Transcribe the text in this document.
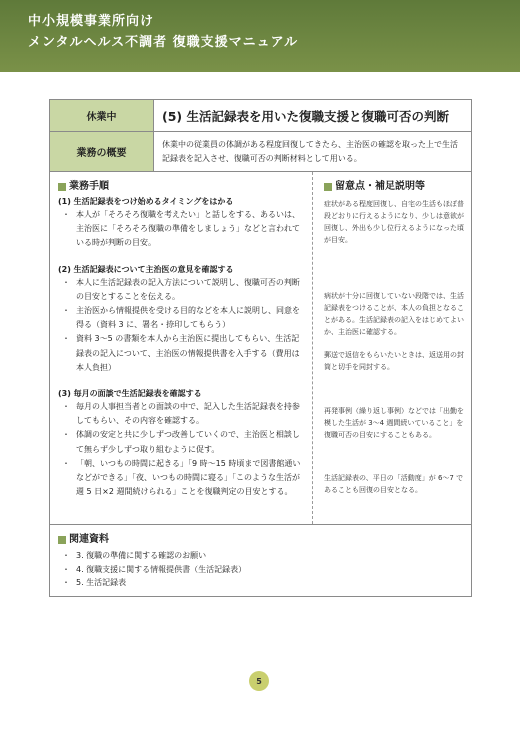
中小規模事業所向け
メンタルヘルス不調者 復職支援マニュアル
休業中	(5) 生活記録表を用いた復職支援と復職可否の判断
業務の概要
休業中の従業員の体調がある程度回復してきたら、主治医の確認を取った上で生活記録表を記入させ、復職可否の判断材料として用いる。
業務手順
(1) 生活記録表をつけ始めるタイミングをはかる
・ 本人が「そろそろ復職を考えたい」と話しをする、あるいは、主治医に「そろそろ復職の準備をしましょう」などと言われている時が判断の目安。
(2) 生活記録表について主治医の意見を確認する
・ 本人に生活記録表の記入方法について説明し、復職可否の判断の目安とすることを伝える。
・ 主治医から情報提供を受ける目的などを本人に説明し、同意を得る（資料 3 に、署名・捺印してもらう）
・ 資料 3～5 の書類を本人から主治医に提出してもらい、生活記録表の記入について、主治医の情報提供書を入手する（費用は本人負担）
(3) 毎月の面談で生活記録表を確認する
・ 毎月の人事担当者との面談の中で、記入した生活記録表を持参してもらい、その内容を確認する。
・ 体調の安定と共に少しずつ改善していくので、主治医と相談して無らず少しずつ取り組むように促す。
・ 「朝、いつもの時間に起きる」「9 時～15 時頃まで図書館通いなどができる」「夜、いつもの時間に寝る」「このような生活が週 5 日×2 週間続けられる」ことを復職判定の目安とする。
留意点・補足説明等
症状がある程度回復し、自宅の生活もほぼ普段どおりに行えるようになり、少しは意欲が回復し、外出も少し位行えるようになった頃が目安。
病状が十分に回復していない段階では、生活記録表をつけることが、本人の負担となることがある。生活記録表の記入をはじめてよいか、主治医に確認する。
郵送で返信をもらいたいときは、返送用の封筒と切手を同封する。
再発事例（繰り返し事例）などでは「出勤を模した生活が 3～4 週間続いていること」を復職可否の目安にすることもある。
生活記録表の、平日の「活動度」が 6～7 であることも回復の目安となる。
関連資料
・ 3. 復職の準備に関する確認のお願い
・ 4. 復職支援に関する情報提供書（生活記録表）
・ 5. 生活記録表
5
